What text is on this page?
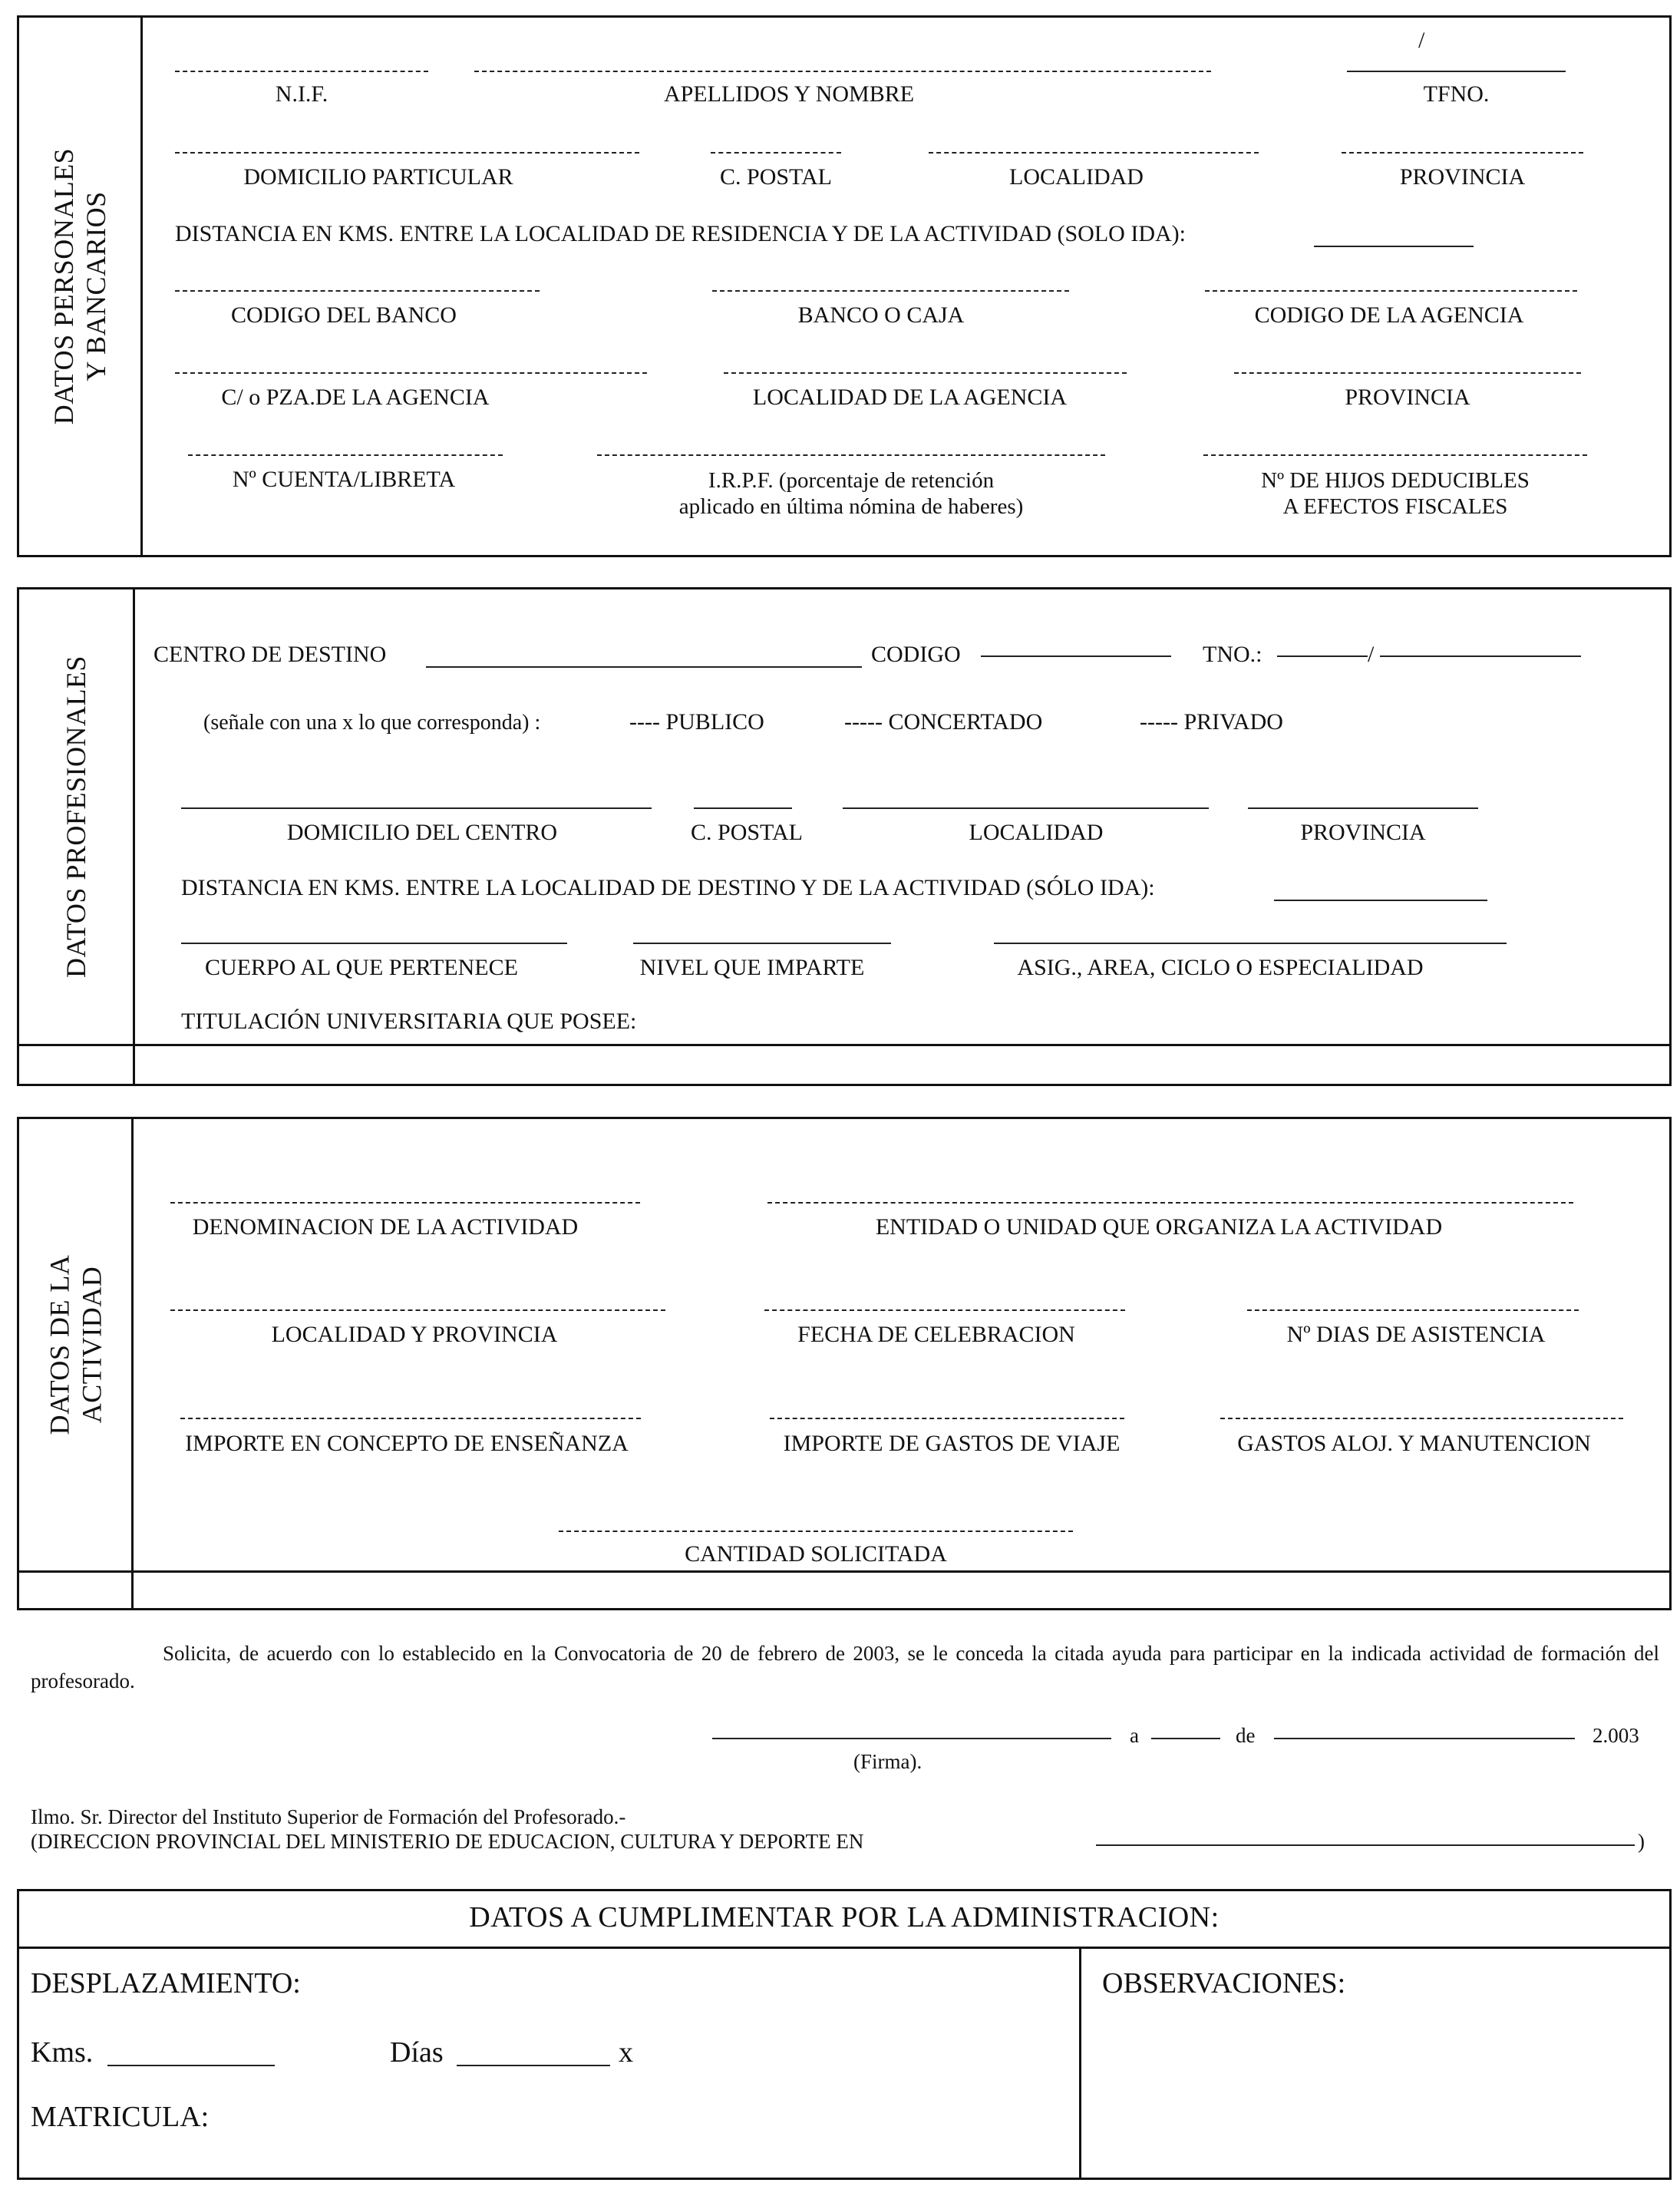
DATOS PERSONALES Y BANCARIOS
/
N.I.F.	APELLIDOS Y NOMBRE	TFNO.
DOMICILIO PARTICULAR	C. POSTAL	LOCALIDAD	PROVINCIA
DISTANCIA EN KMS. ENTRE LA LOCALIDAD DE RESIDENCIA Y DE LA ACTIVIDAD (SOLO IDA):
CODIGO DEL BANCO	BANCO O CAJA	CODIGO DE LA AGENCIA
C/ o PZA.DE LA AGENCIA	LOCALIDAD DE LA AGENCIA	PROVINCIA
Nº CUENTA/LIBRETA	I.R.P.F. (porcentaje de retención
aplicado en última nómina de haberes)
Nº DE HIJOS DEDUCIBLES
A EFECTOS FISCALES
DATOS PROFESIONALES
CENTRO DE DESTINO	CODIGO	TNO.:	/
(señale con una x lo que corresponda) :	---- PUBLICO	----- CONCERTADO	----- PRIVADO
DOMICILIO DEL CENTRO	C. POSTAL	LOCALIDAD	PROVINCIA
DISTANCIA EN KMS. ENTRE LA LOCALIDAD DE DESTINO Y DE LA ACTIVIDAD (SÓLO IDA):
CUERPO AL QUE PERTENECE	NIVEL QUE IMPARTE	ASIG., AREA, CICLO O ESPECIALIDAD
TITULACIÓN UNIVERSITARIA QUE POSEE:
DATOS DE LA ACTIVIDAD
DENOMINACION DE LA ACTIVIDAD	ENTIDAD O UNIDAD QUE ORGANIZA LA ACTIVIDAD
LOCALIDAD Y PROVINCIA	FECHA DE CELEBRACION	Nº DIAS DE ASISTENCIA
IMPORTE EN CONCEPTO DE ENSEÑANZA	IMPORTE DE GASTOS DE VIAJE	GASTOS ALOJ. Y MANUTENCION
CANTIDAD SOLICITADA
Solicita, de acuerdo con lo establecido en la Convocatoria de 20 de febrero de 2003, se le conceda la citada ayuda para participar en la indicada actividad de formación del profesorado.
a	de	2.003
(Firma).
Ilmo. Sr. Director del Instituto Superior de Formación del Profesorado.-
(DIRECCION PROVINCIAL DEL MINISTERIO DE EDUCACION, CULTURA Y DEPORTE EN	)
DATOS A CUMPLIMENTAR POR LA ADMINISTRACION:
DESPLAZAMIENTO:
Kms.	Días	x
MATRICULA:
OBSERVACIONES:
